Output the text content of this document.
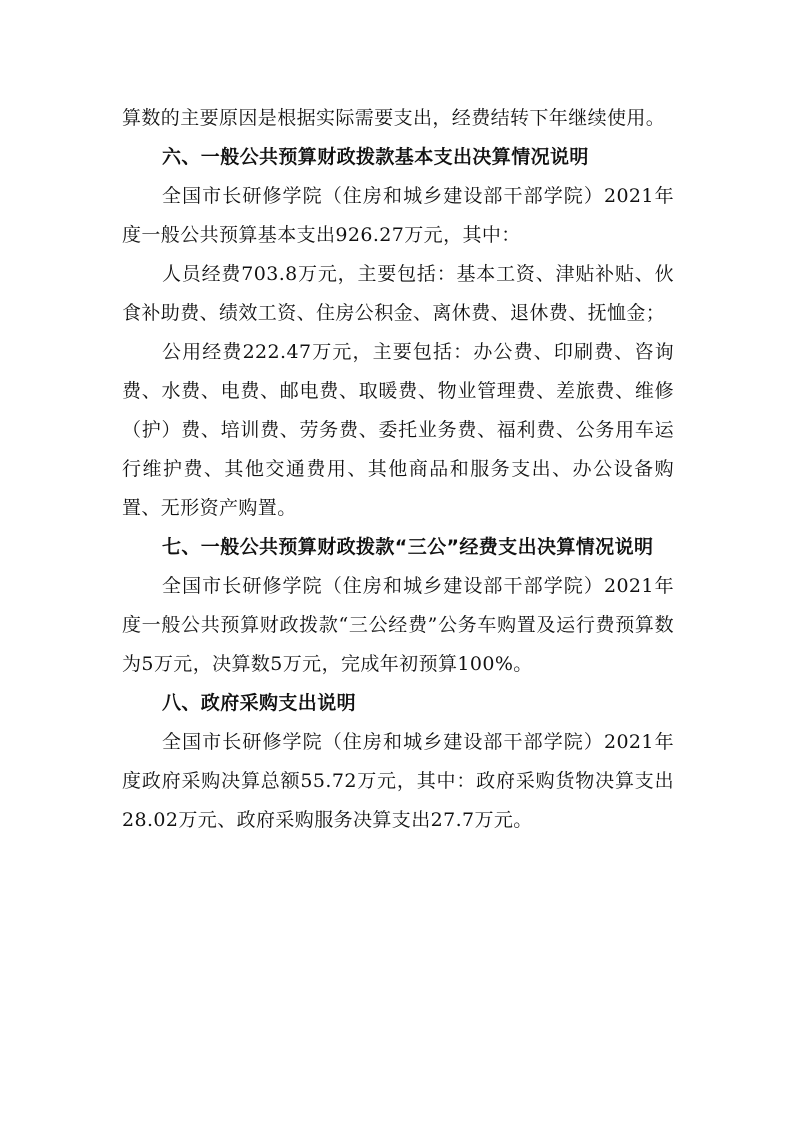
算数的主要原因是根据实际需要支出，经费结转下年继续使用。

六、一般公共预算财政拨款基本支出决算情况说明

全国市长研修学院（住房和城乡建设部干部学院）2021年度一般公共预算基本支出926.27万元，其中：

人员经费703.8万元，主要包括：基本工资、津贴补贴、伙食补助费、绩效工资、住房公积金、离休费、退休费、抚恤金；

公用经费222.47万元，主要包括：办公费、印刷费、咨询费、水费、电费、邮电费、取暖费、物业管理费、差旅费、维修（护）费、培训费、劳务费、委托业务费、福利费、公务用车运行维护费、其他交通费用、其他商品和服务支出、办公设备购置、无形资产购置。

七、一般公共预算财政拨款“三公”经费支出决算情况说明

全国市长研修学院（住房和城乡建设部干部学院）2021年度一般公共预算财政拨款“三公经费”公务车购置及运行费预算数为5万元，决算数5万元，完成年初预算100%。

八、政府采购支出说明

全国市长研修学院（住房和城乡建设部干部学院）2021年度政府采购决算总额55.72万元，其中：政府采购货物决算支出28.02万元、政府采购服务决算支出27.7万元。
